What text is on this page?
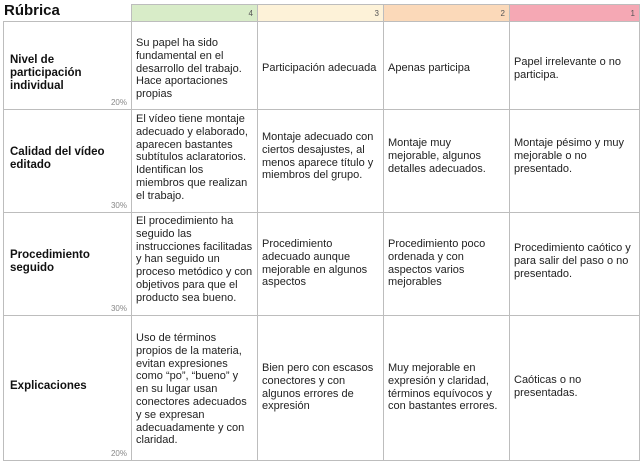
Rúbrica

	4	3	2	1

Nivel de participación individual
20%	Su papel ha sido fundamental en el desarrollo del trabajo. Hace aportaciones propias	Participación adecuada	Apenas participa	Papel irrelevante o no participa.

Calidad del vídeo editado
30%	El vídeo tiene montaje adecuado y elaborado, aparecen bastantes subtítulos aclaratorios. Identifican los miembros que realizan el trabajo.	Montaje adecuado con ciertos desajustes, al menos aparece título y miembros del grupo.	Montaje muy mejorable, algunos detalles adecuados.	Montaje pésimo y muy mejorable o no presentado.

Procedimiento seguido
30%	El procedimiento ha seguido las instrucciones facilitadas y han seguido un proceso metódico y con objetivos para que el producto sea bueno.	Procedimiento adecuado aunque mejorable en algunos aspectos	Procedimiento poco ordenada y con aspectos varios mejorables	Procedimiento caótico y para salir del paso o no presentado.

Explicaciones
20%	Uso de términos propios de la materia, evitan expresiones como “po”, “bueno” y en su lugar usan conectores adecuados y se expresan adecuadamente y con claridad.	Bien pero con escasos conectores y con algunos errores de expresión	Muy mejorable en expresión y claridad, términos equívocos y con bastantes errores.	Caóticas o no presentadas.
